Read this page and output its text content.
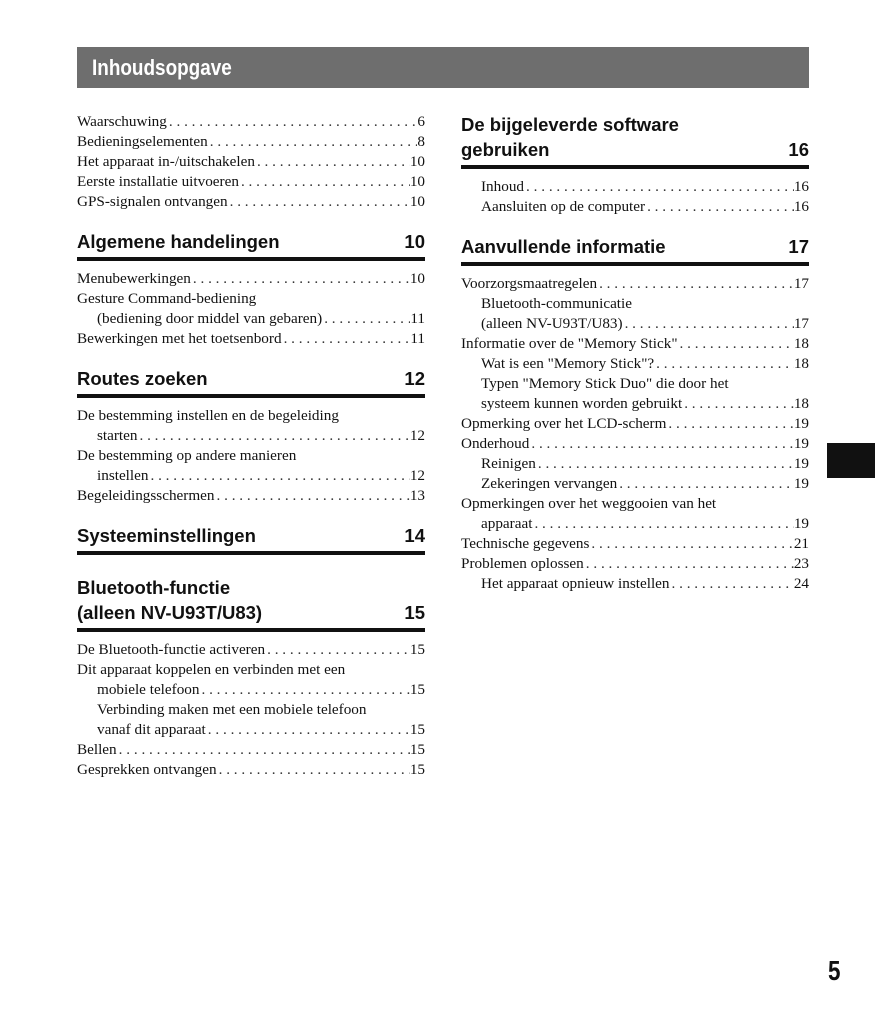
Inhoudsopgave
Waarschuwing . . .	6
Bedieningselementen . . .	8
Het apparaat in-/uitschakelen . . .	10
Eerste installatie uitvoeren . . .	10
GPS-signalen ontvangen . . .	10
Algemene handelingen	10
Menubewerkingen . . .	10
Gesture Command-bediening
(bediening door middel van gebaren) . . .	11
Bewerkingen met het toetsenbord . . .	11
Routes zoeken	12
De bestemming instellen en de begeleiding
starten . . .	12
De bestemming op andere manieren
instellen . . .	12
Begeleidingsschermen . . .	13
Systeeminstellingen	14
Bluetooth-functie
(alleen NV-U93T/U83)	15
De Bluetooth-functie activeren . . .	15
Dit apparaat koppelen en verbinden met een
mobiele telefoon . . .	15
Verbinding maken met een mobiele telefoon
vanaf dit apparaat . . .	15
Bellen . . .	15
Gesprekken ontvangen . . .	15
De bijgeleverde software
gebruiken	16
Inhoud . . .	16
Aansluiten op de computer . . .	16
Aanvullende informatie	17
Voorzorgsmaatregelen . . .	17
Bluetooth-communicatie
(alleen NV-U93T/U83) . . .	17
Informatie over de "Memory Stick" . . .	18
Wat is een "Memory Stick"? . . .	18
Typen "Memory Stick Duo" die door het
systeem kunnen worden gebruikt . . .	18
Opmerking over het LCD-scherm . . .	19
Onderhoud . . .	19
Reinigen . . .	19
Zekeringen vervangen . . .	19
Opmerkingen over het weggooien van het
apparaat . . .	19
Technische gegevens . . .	21
Problemen oplossen . . .	23
Het apparaat opnieuw instellen . . .	24
5
